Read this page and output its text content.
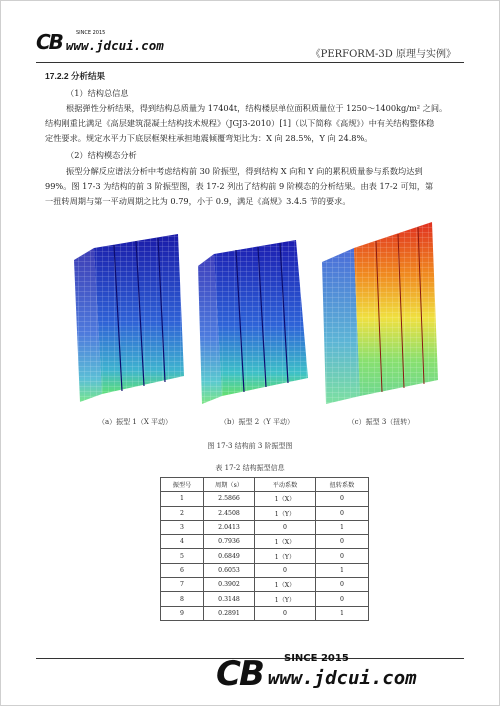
CB	SINCE 2015
www.jdcui.com
《PERFORM-3D 原理与实例》
17.2.2 分析结果
（1）结构总信息
根据弹性分析结果，得到结构总质量为 17404t，结构楼层单位面积质量位于 1250～1400kg/m² 之间。
结构刚重比满足《高层建筑混凝土结构技术规程》（JGJ3-2010）[1]（以下简称《高规》）中有关结构整体稳
定性要求。规定水平力下底层框架柱承担地震倾覆弯矩比为：X 向 28.5%，Y 向 24.8%。
（2）结构模态分析
振型分解反应谱法分析中考虑结构前 30 阶振型，得到结构 X 向和 Y 向的累积质量参与系数均达到
99%。图 17-3 为结构的前 3 阶振型图，表 17-2 列出了结构前 9 阶模态的分析结果。由表 17-2 可知，第
一扭转周期与第一平动周期之比为 0.79，小于 0.9，满足《高规》3.4.5 节的要求。
（a）振型 1（X 平动）	（b）振型 2（Y 平动）	（c）振型 3（扭转）
图 17-3 结构前 3 阶振型图
表 17-2 结构振型信息
振型号	周期（s）	平动系数	扭转系数
1	2.5866	1（X）	0
2	2.4508	1（Y）	0
3	2.0413	0	1
4	0.7936	1（X）	0
5	0.6849	1（Y）	0
6	0.6053	0	1
7	0.3902	1（X）	0
8	0.3148	1（Y）	0
9	0.2891	0	1
CB SINCE 2015
www.jdcui.com
